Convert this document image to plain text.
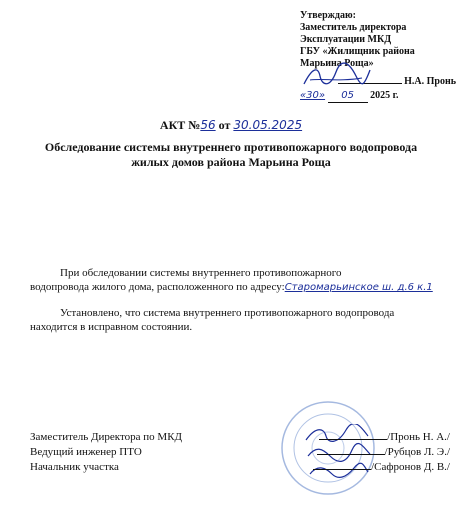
Утверждаю:
Заместитель директора
Эксплуатации МКД
ГБУ «Жилищник района
Марьина Роща»
Н.А. Пронь
«30» 05 2025 г.
АКТ №56 от 30.05.2025
Обследование системы внутреннего противопожарного водопровода
жилых домов района Марьина Роща
При обследовании системы внутреннего противопожарного
водопровода жилого дома, расположенного по адресу:Старомарьинское ш. д.6 к.1
Установлено, что система внутреннего противопожарного водопровода
находится в исправном состоянии.
Заместитель Директора по МКД
Ведущий инженер ПТО
Начальник участка
/Пронь Н. А./
/Рубцов Л. Э./
/Сафронов Д. В./
